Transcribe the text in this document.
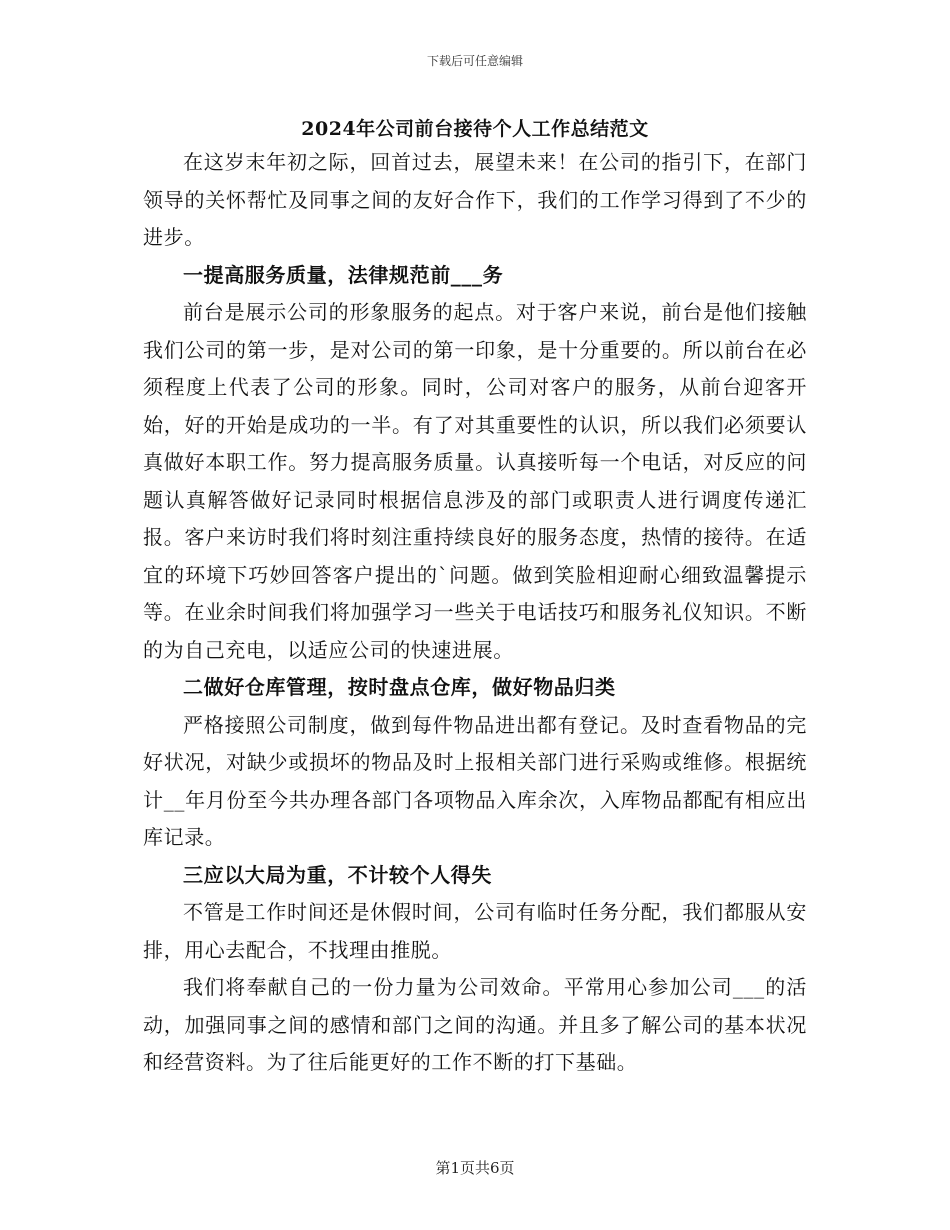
下载后可任意编辑
2024年公司前台接待个人工作总结范文

在这岁末年初之际，回首过去，展望未来！在公司的指引下，在部门领导的关怀帮忙及同事之间的友好合作下，我们的工作学习得到了不少的进步。

一提高服务质量，法律规范前___务

前台是展示公司的形象服务的起点。对于客户来说，前台是他们接触我们公司的第一步，是对公司的第一印象，是十分重要的。所以前台在必须程度上代表了公司的形象。同时，公司对客户的服务，从前台迎客开始，好的开始是成功的一半。有了对其重要性的认识，所以我们必须要认真做好本职工作。努力提高服务质量。认真接听每一个电话，对反应的问题认真解答做好记录同时根据信息涉及的部门或职责人进行调度传递汇报。客户来访时我们将时刻注重持续良好的服务态度，热情的接待。在适宜的环境下巧妙回答客户提出的`问题。做到笑脸相迎耐心细致温馨提示等。在业余时间我们将加强学习一些关于电话技巧和服务礼仪知识。不断的为自己充电，以适应公司的快速进展。

二做好仓库管理，按时盘点仓库，做好物品归类

严格接照公司制度，做到每件物品进出都有登记。及时查看物品的完好状况，对缺少或损坏的物品及时上报相关部门进行采购或维修。根据统计__年月份至今共办理各部门各项物品入库余次，入库物品都配有相应出库记录。

三应以大局为重，不计较个人得失

不管是工作时间还是休假时间，公司有临时任务分配，我们都服从安排，用心去配合，不找理由推脱。

我们将奉献自己的一份力量为公司效命。平常用心参加公司___的活动，加强同事之间的感情和部门之间的沟通。并且多了解公司的基本状况和经营资料。为了往后能更好的工作不断的打下基础。

第1页共6页
